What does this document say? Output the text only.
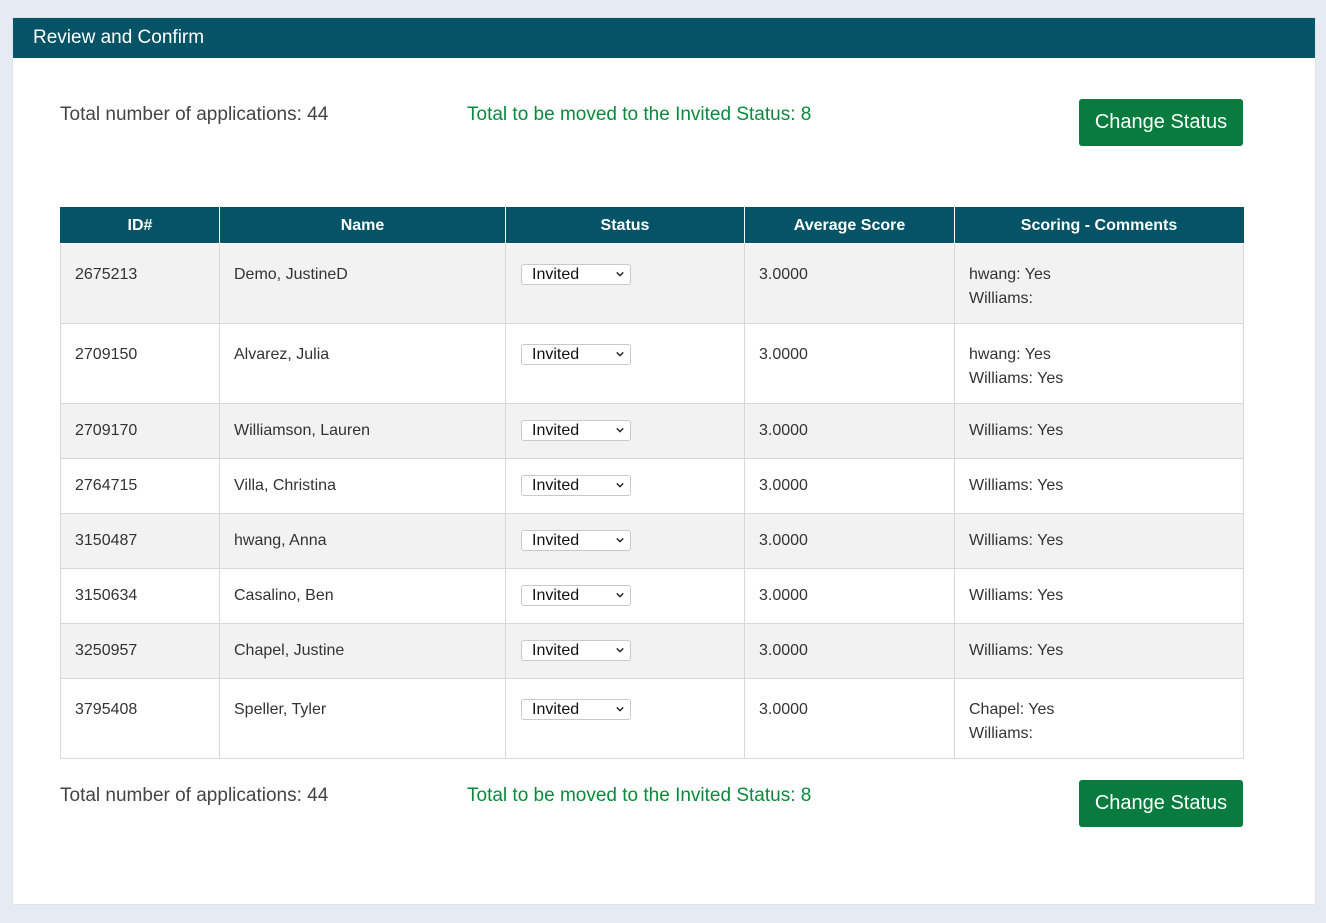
Review and Confirm
Total number of applications: 44	Total to be moved to the Invited Status: 8	Change Status
ID#	Name	Status	Average Score	Scoring - Comments
2675213	Demo, JustineD	Invited	3.0000	hwang: Yes
Williams:

2709150	Alvarez, Julia	Invited	3.0000	hwang: Yes
Williams: Yes

2709170	Williamson, Lauren	Invited	3.0000	Williams: Yes

2764715	Villa, Christina	Invited	3.0000	Williams: Yes

3150487	hwang, Anna	Invited	3.0000	Williams: Yes

3150634	Casalino, Ben	Invited	3.0000	Williams: Yes

3250957	Chapel, Justine	Invited	3.0000	Williams: Yes

3795408	Speller, Tyler	Invited	3.0000	Chapel: Yes
Williams:
Total number of applications: 44	Total to be moved to the Invited Status: 8	Change Status
